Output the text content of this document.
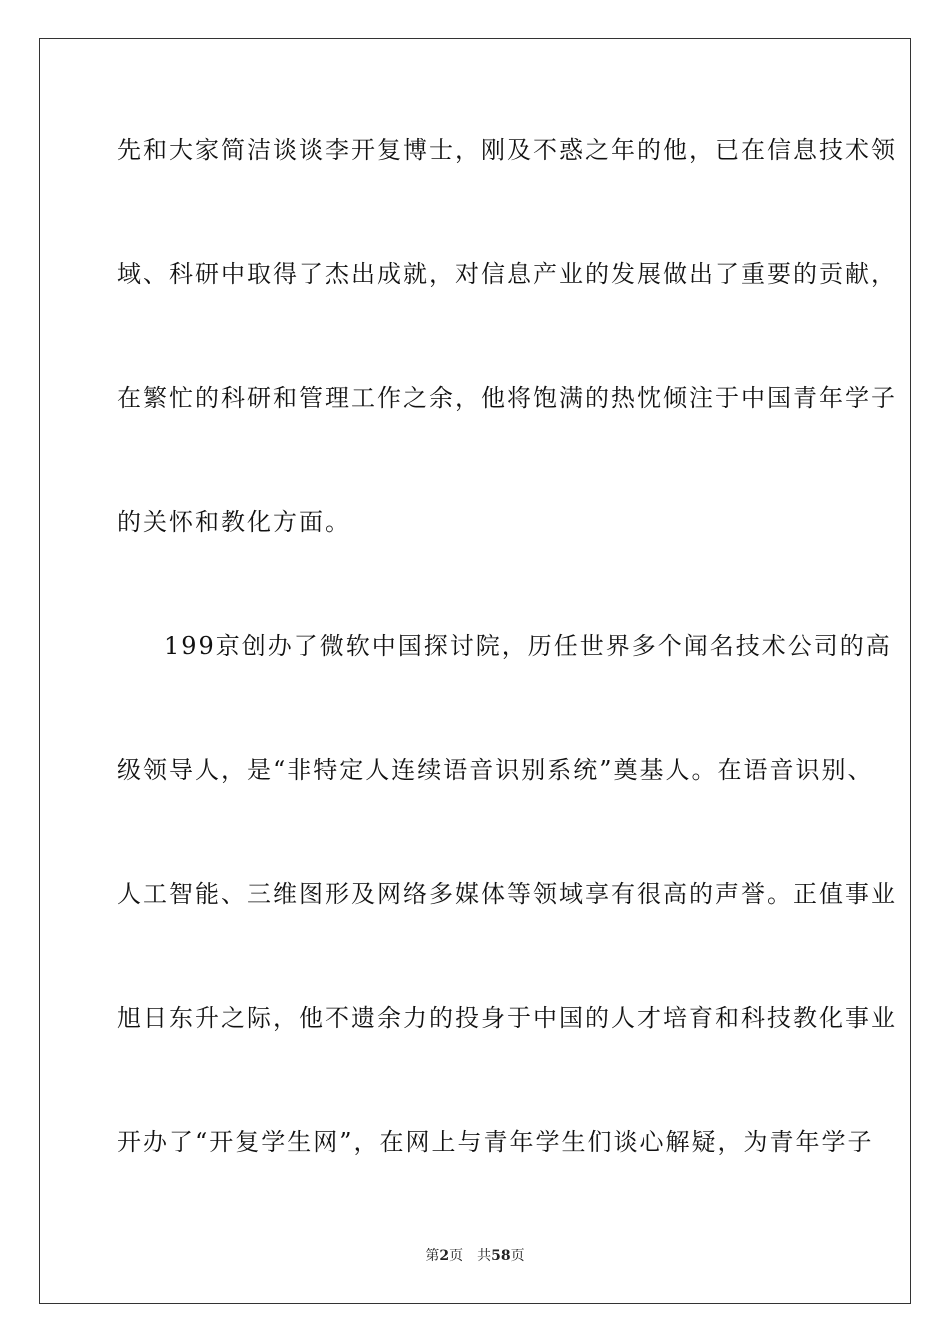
先和大家简洁谈谈李开复博士，刚及不惑之年的他，已在信息技术领
域、科研中取得了杰出成就，对信息产业的发展做出了重要的贡献，
在繁忙的科研和管理工作之余，他将饱满的热忱倾注于中国青年学子
的关怀和教化方面。
199京创办了微软中国探讨院，历任世界多个闻名技术公司的高
级领导人，是“非特定人连续语音识别系统”奠基人。在语音识别、
人工智能、三维图形及网络多媒体等领域享有很高的声誉。正值事业
旭日东升之际，他不遗余力的投身于中国的人才培育和科技教化事业
开办了“开复学生网”，在网上与青年学生们谈心解疑，为青年学子
第2页 共58页
